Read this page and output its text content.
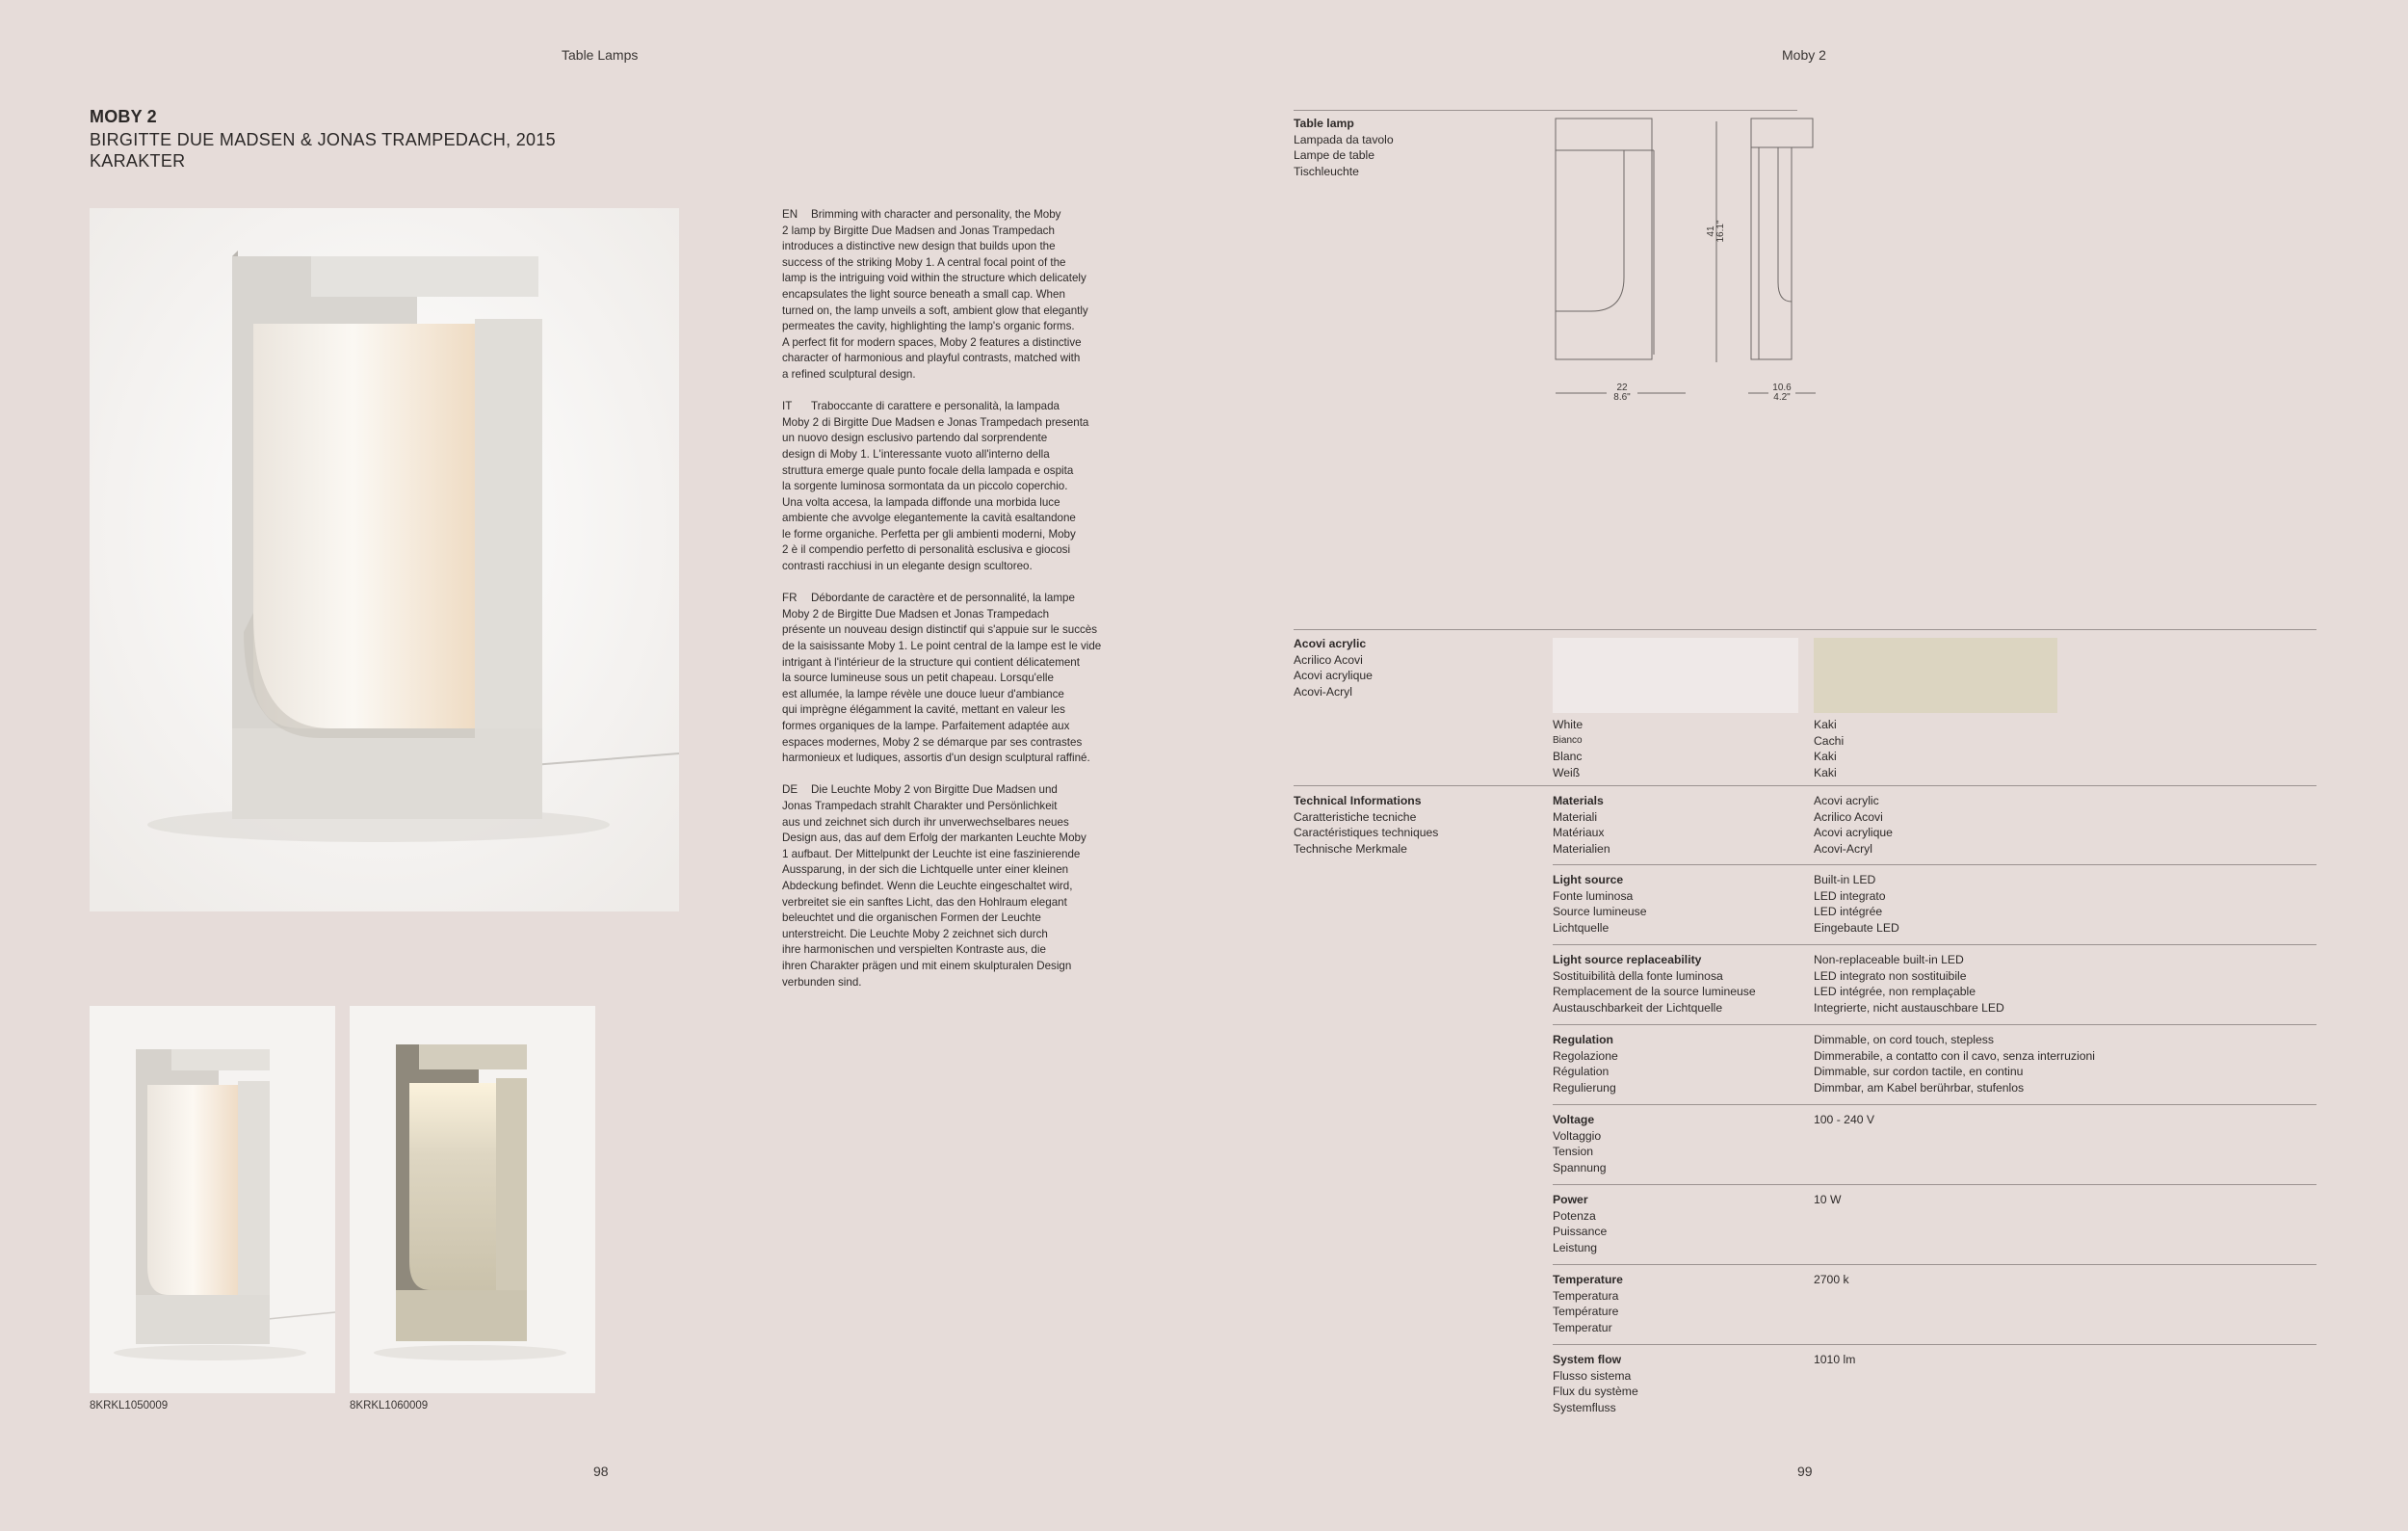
Table Lamps
MOBY 2
BIRGITTE DUE MADSEN & JONAS TRAMPEDACH, 2015
KARAKTER

EN Brimming with character and personality, the Moby
2 lamp by Birgitte Due Madsen and Jonas Trampedach
introduces a distinctive new design that builds upon the
success of the striking Moby 1. A central focal point of the
lamp is the intriguing void within the structure which delicately
encapsulates the light source beneath a small cap. When
turned on, the lamp unveils a soft, ambient glow that elegantly
permeates the cavity, highlighting the lamp's organic forms.
A perfect fit for modern spaces, Moby 2 features a distinctive
character of harmonious and playful contrasts, matched with
a refined sculptural design.

IT Traboccante di carattere e personalità, la lampada
Moby 2 di Birgitte Due Madsen e Jonas Trampedach presenta
un nuovo design esclusivo partendo dal sorprendente
design di Moby 1. L'interessante vuoto all'interno della
struttura emerge quale punto focale della lampada e ospita
la sorgente luminosa sormontata da un piccolo coperchio.
Una volta accesa, la lampada diffonde una morbida luce
ambiente che avvolge elegantemente la cavità esaltandone
le forme organiche. Perfetta per gli ambienti moderni, Moby
2 è il compendio perfetto di personalità esclusiva e giocosi
contrasti racchiusi in un elegante design scultoreo.

FR Débordante de caractère et de personnalité, la lampe
Moby 2 de Birgitte Due Madsen et Jonas Trampedach
présente un nouveau design distinctif qui s'appuie sur le succès
de la saisissante Moby 1. Le point central de la lampe est le vide
intrigant à l'intérieur de la structure qui contient délicatement
la source lumineuse sous un petit chapeau. Lorsqu'elle
est allumée, la lampe révèle une douce lueur d'ambiance
qui imprègne élégamment la cavité, mettant en valeur les
formes organiques de la lampe. Parfaitement adaptée aux
espaces modernes, Moby 2 se démarque par ses contrastes
harmonieux et ludiques, assortis d'un design sculptural raffiné.

DE Die Leuchte Moby 2 von Birgitte Due Madsen und
Jonas Trampedach strahlt Charakter und Persönlichkeit
aus und zeichnet sich durch ihr unverwechselbares neues
Design aus, das auf dem Erfolg der markanten Leuchte Moby
1 aufbaut. Der Mittelpunkt der Leuchte ist eine faszinierende
Aussparung, in der sich die Lichtquelle unter einer kleinen
Abdeckung befindet. Wenn die Leuchte eingeschaltet wird,
verbreitet sie ein sanftes Licht, das den Hohlraum elegant
beleuchtet und die organischen Formen der Leuchte
unterstreicht. Die Leuchte Moby 2 zeichnet sich durch
ihre harmonischen und verspielten Kontraste aus, die
ihren Charakter prägen und mit einem skulpturalen Design
verbunden sind.

8KRKL1050009	8KRKL1060009
98
Moby 2
Table lamp
Lampada da tavolo
Lampe de table
Tischleuchte
41 16.1"
22
8.6"
10.6
4.2"
Acovi acrylic
Acrilico Acovi
Acovi acrylique
Acovi-Acryl
White
Bianco
Blanc
Weiß
Kaki
Cachi
Kaki
Kaki
Technical Informations
Caratteristiche tecniche
Caractéristiques techniques
Technische Merkmale
Materials
Materiali
Matériaux
Materialien
Acovi acrylic
Acrilico Acovi
Acovi acrylique
Acovi-Acryl
Light source
Fonte luminosa
Source lumineuse
Lichtquelle
Built-in LED
LED integrato
LED intégrée
Eingebaute LED
Light source replaceability
Sostituibilità della fonte luminosa
Remplacement de la source lumineuse
Austauschbarkeit der Lichtquelle
Non-replaceable built-in LED
LED integrato non sostituibile
LED intégrée, non remplaçable
Integrierte, nicht austauschbare LED
Regulation
Regolazione
Régulation
Regulierung
Dimmable, on cord touch, stepless
Dimmerabile, a contatto con il cavo, senza interruzioni
Dimmable, sur cordon tactile, en continu
Dimmbar, am Kabel berührbar, stufenlos
Voltage
Voltaggio
Tension
Spannung
100 - 240 V
Power
Potenza
Puissance
Leistung
10 W
Temperature
Temperatura
Température
Temperatur
2700 k
System flow
Flusso sistema
Flux du système
Systemfluss
1010 lm
99
